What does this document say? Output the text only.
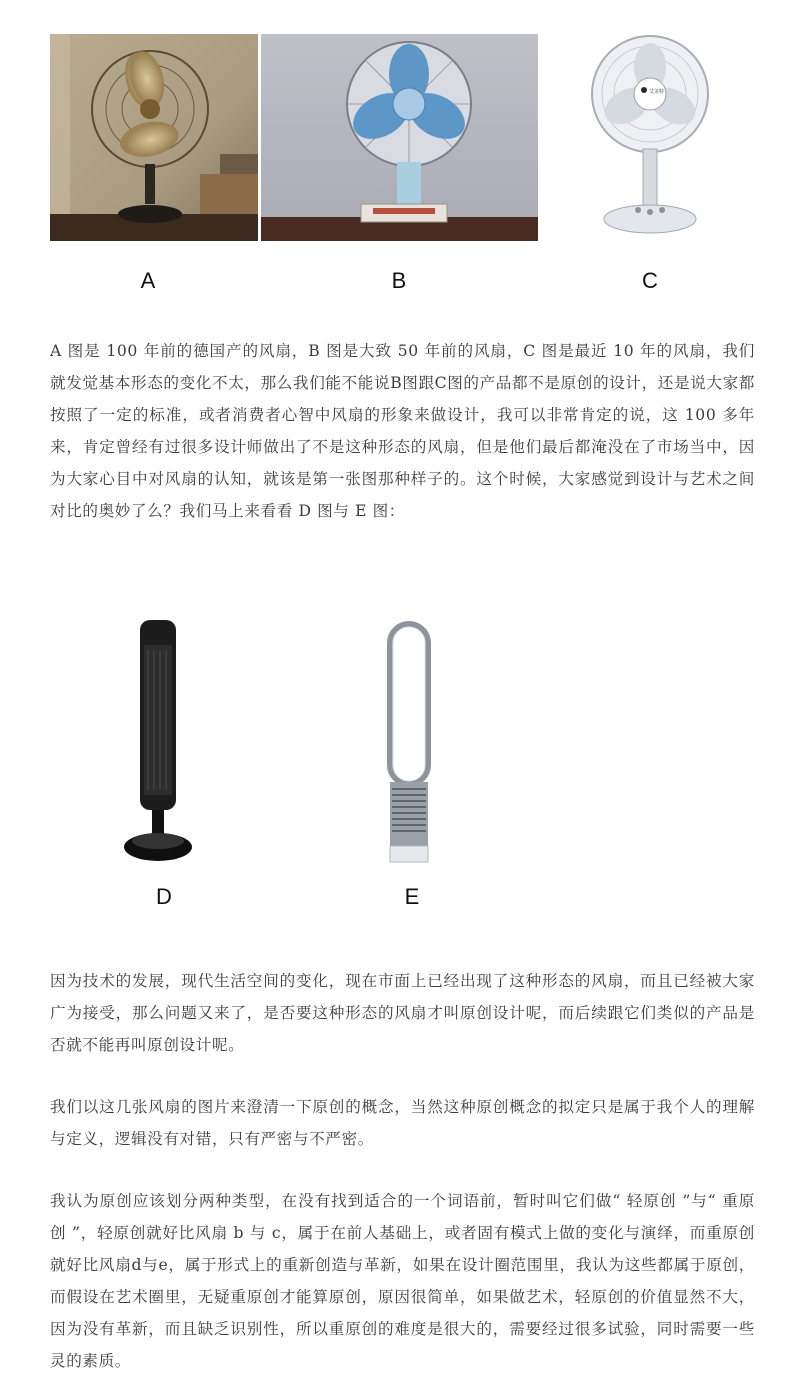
艾美特
A	B	C

A 图是 100 年前的德国产的风扇，B 图是大致 50 年前的风扇，C 图是最近 10 年的风扇，我们就发觉基本形态的变化不太，那么我们能不能说B图跟C图的产品都不是原创的设计，还是说大家都按照了一定的标准，或者消费者心智中风扇的形象来做设计，我可以非常肯定的说，这 100 多年来，肯定曾经有过很多设计师做出了不是这种形态的风扇，但是他们最后都淹没在了市场当中，因为大家心目中对风扇的认知，就该是第一张图那种样子的。这个时候，大家感觉到设计与艺术之间对比的奥妙了么？我们马上来看看 D 图与 E 图：

D	E

因为技术的发展，现代生活空间的变化，现在市面上已经出现了这种形态的风扇，而且已经被大家广为接受，那么问题又来了，是否要这种形态的风扇才叫原创设计呢，而后续跟它们类似的产品是否就不能再叫原创设计呢。

我们以这几张风扇的图片来澄清一下原创的概念，当然这种原创概念的拟定只是属于我个人的理解与定义，逻辑没有对错，只有严密与不严密。

我认为原创应该划分两种类型，在没有找到适合的一个词语前，暂时叫它们做“ 轻原创 ”与“ 重原创 ”，轻原创就好比风扇 b 与 c，属于在前人基础上，或者固有模式上做的变化与演绎，而重原创就好比风扇d与e，属于形式上的重新创造与革新，如果在设计圈范围里，我认为这些都属于原创，而假设在艺术圈里，无疑重原创才能算原创，原因很简单，如果做艺术，轻原创的价值显然不大，因为没有革新，而且缺乏识别性，所以重原创的难度是很大的，需要经过很多试验，同时需要一些灵的素质。
